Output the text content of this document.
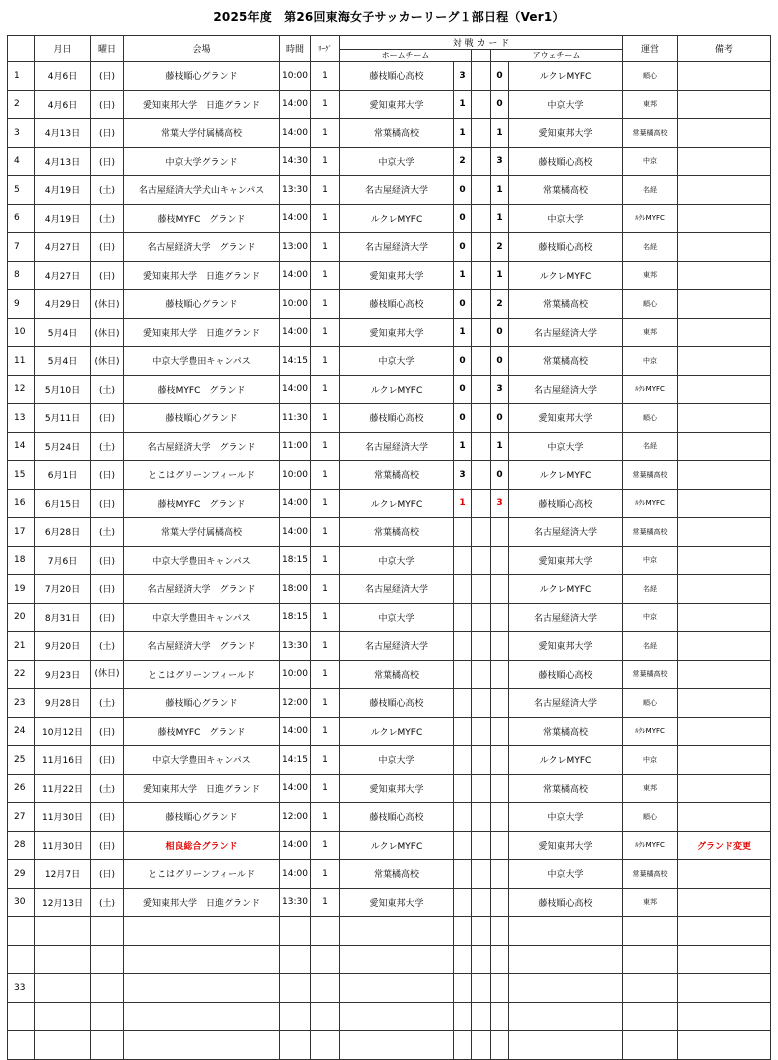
2025年度　第26回東海女子サッカーリーグ１部日程（Ver1）
	月日	曜日	会場	時間	ﾘｰｸﾞ	対 戦 カ ー ド					運営	備考
						ホームチーム			アウェチーム			
1	4月6日	(日)	藤枝順心グランド	10:00	1	藤枝順心高校	3		0	ルクレMYFC	順心	
2	4月6日	(日)	愛知東邦大学　日進グランド	14:00	1	愛知東邦大学	1		0	中京大学	東邦	
3	4月13日	(日)	常葉大学付属橘高校	14:00	1	常葉橘高校	1		1	愛知東邦大学	常葉橘高校	
4	4月13日	(日)	中京大学グランド	14:30	1	中京大学	2		3	藤枝順心高校	中京	
5	4月19日	(土)	名古屋経済大学犬山キャンパス	13:30	1	名古屋経済大学	0		1	常葉橘高校	名経	
6	4月19日	(土)	藤枝MYFC　グランド	14:00	1	ルクレMYFC	0		1	中京大学	ﾙｸﾚMYFC	
7	4月27日	(日)	名古屋経済大学　グランド	13:00	1	名古屋経済大学	0		2	藤枝順心高校	名経	
8	4月27日	(日)	愛知東邦大学　日進グランド	14:00	1	愛知東邦大学	1		1	ルクレMYFC	東邦	
9	4月29日	(休日)	藤枝順心グランド	10:00	1	藤枝順心高校	0		2	常葉橘高校	順心	
10	5月4日	(休日)	愛知東邦大学　日進グランド	14:00	1	愛知東邦大学	1		0	名古屋経済大学	東邦	
11	5月4日	(休日)	中京大学豊田キャンパス	14:15	1	中京大学	0		0	常葉橘高校	中京	
12	5月10日	(土)	藤枝MYFC　グランド	14:00	1	ルクレMYFC	0		3	名古屋経済大学	ﾙｸﾚMYFC	
13	5月11日	(日)	藤枝順心グランド	11:30	1	藤枝順心高校	0		0	愛知東邦大学	順心	
14	5月24日	(土)	名古屋経済大学　グランド	11:00	1	名古屋経済大学	1		1	中京大学	名経	
15	6月1日	(日)	とこはグリーンフィールド	10:00	1	常葉橘高校	3		0	ルクレMYFC	常葉橘高校	
16	6月15日	(日)	藤枝MYFC　グランド	14:00	1	ルクレMYFC	1		3	藤枝順心高校	ﾙｸﾚMYFC	
17	6月28日	(土)	常葉大学付属橘高校	14:00	1	常葉橘高校				名古屋経済大学	常葉橘高校	
18	7月6日	(日)	中京大学豊田キャンパス	18:15	1	中京大学				愛知東邦大学	中京	
19	7月20日	(日)	名古屋経済大学　グランド	18:00	1	名古屋経済大学				ルクレMYFC	名経	
20	8月31日	(日)	中京大学豊田キャンパス	18:15	1	中京大学				名古屋経済大学	中京	
21	9月20日	(土)	名古屋経済大学　グランド	13:30	1	名古屋経済大学				愛知東邦大学	名経	
22	9月23日	(休日)	とこはグリーンフィールド	10:00	1	常葉橘高校				藤枝順心高校	常葉橘高校	
23	9月28日	(土)	藤枝順心グランド	12:00	1	藤枝順心高校				名古屋経済大学	順心	
24	10月12日	(日)	藤枝MYFC　グランド	14:00	1	ルクレMYFC				常葉橘高校	ﾙｸﾚMYFC	
25	11月16日	(日)	中京大学豊田キャンパス	14:15	1	中京大学				ルクレMYFC	中京	
26	11月22日	(土)	愛知東邦大学　日進グランド	14:00	1	愛知東邦大学				常葉橘高校	東邦	
27	11月30日	(日)	藤枝順心グランド	12:00	1	藤枝順心高校				中京大学	順心	
28	11月30日	(日)	相良総合グランド	14:00	1	ルクレMYFC				愛知東邦大学	ﾙｸﾚMYFC	グランド変更
29	12月7日	(日)	とこはグリーンフィールド	14:00	1	常葉橘高校				中京大学	常葉橘高校	
30	12月13日	(土)	愛知東邦大学　日進グランド	13:30	1	愛知東邦大学				藤枝順心高校	東邦	

33												
